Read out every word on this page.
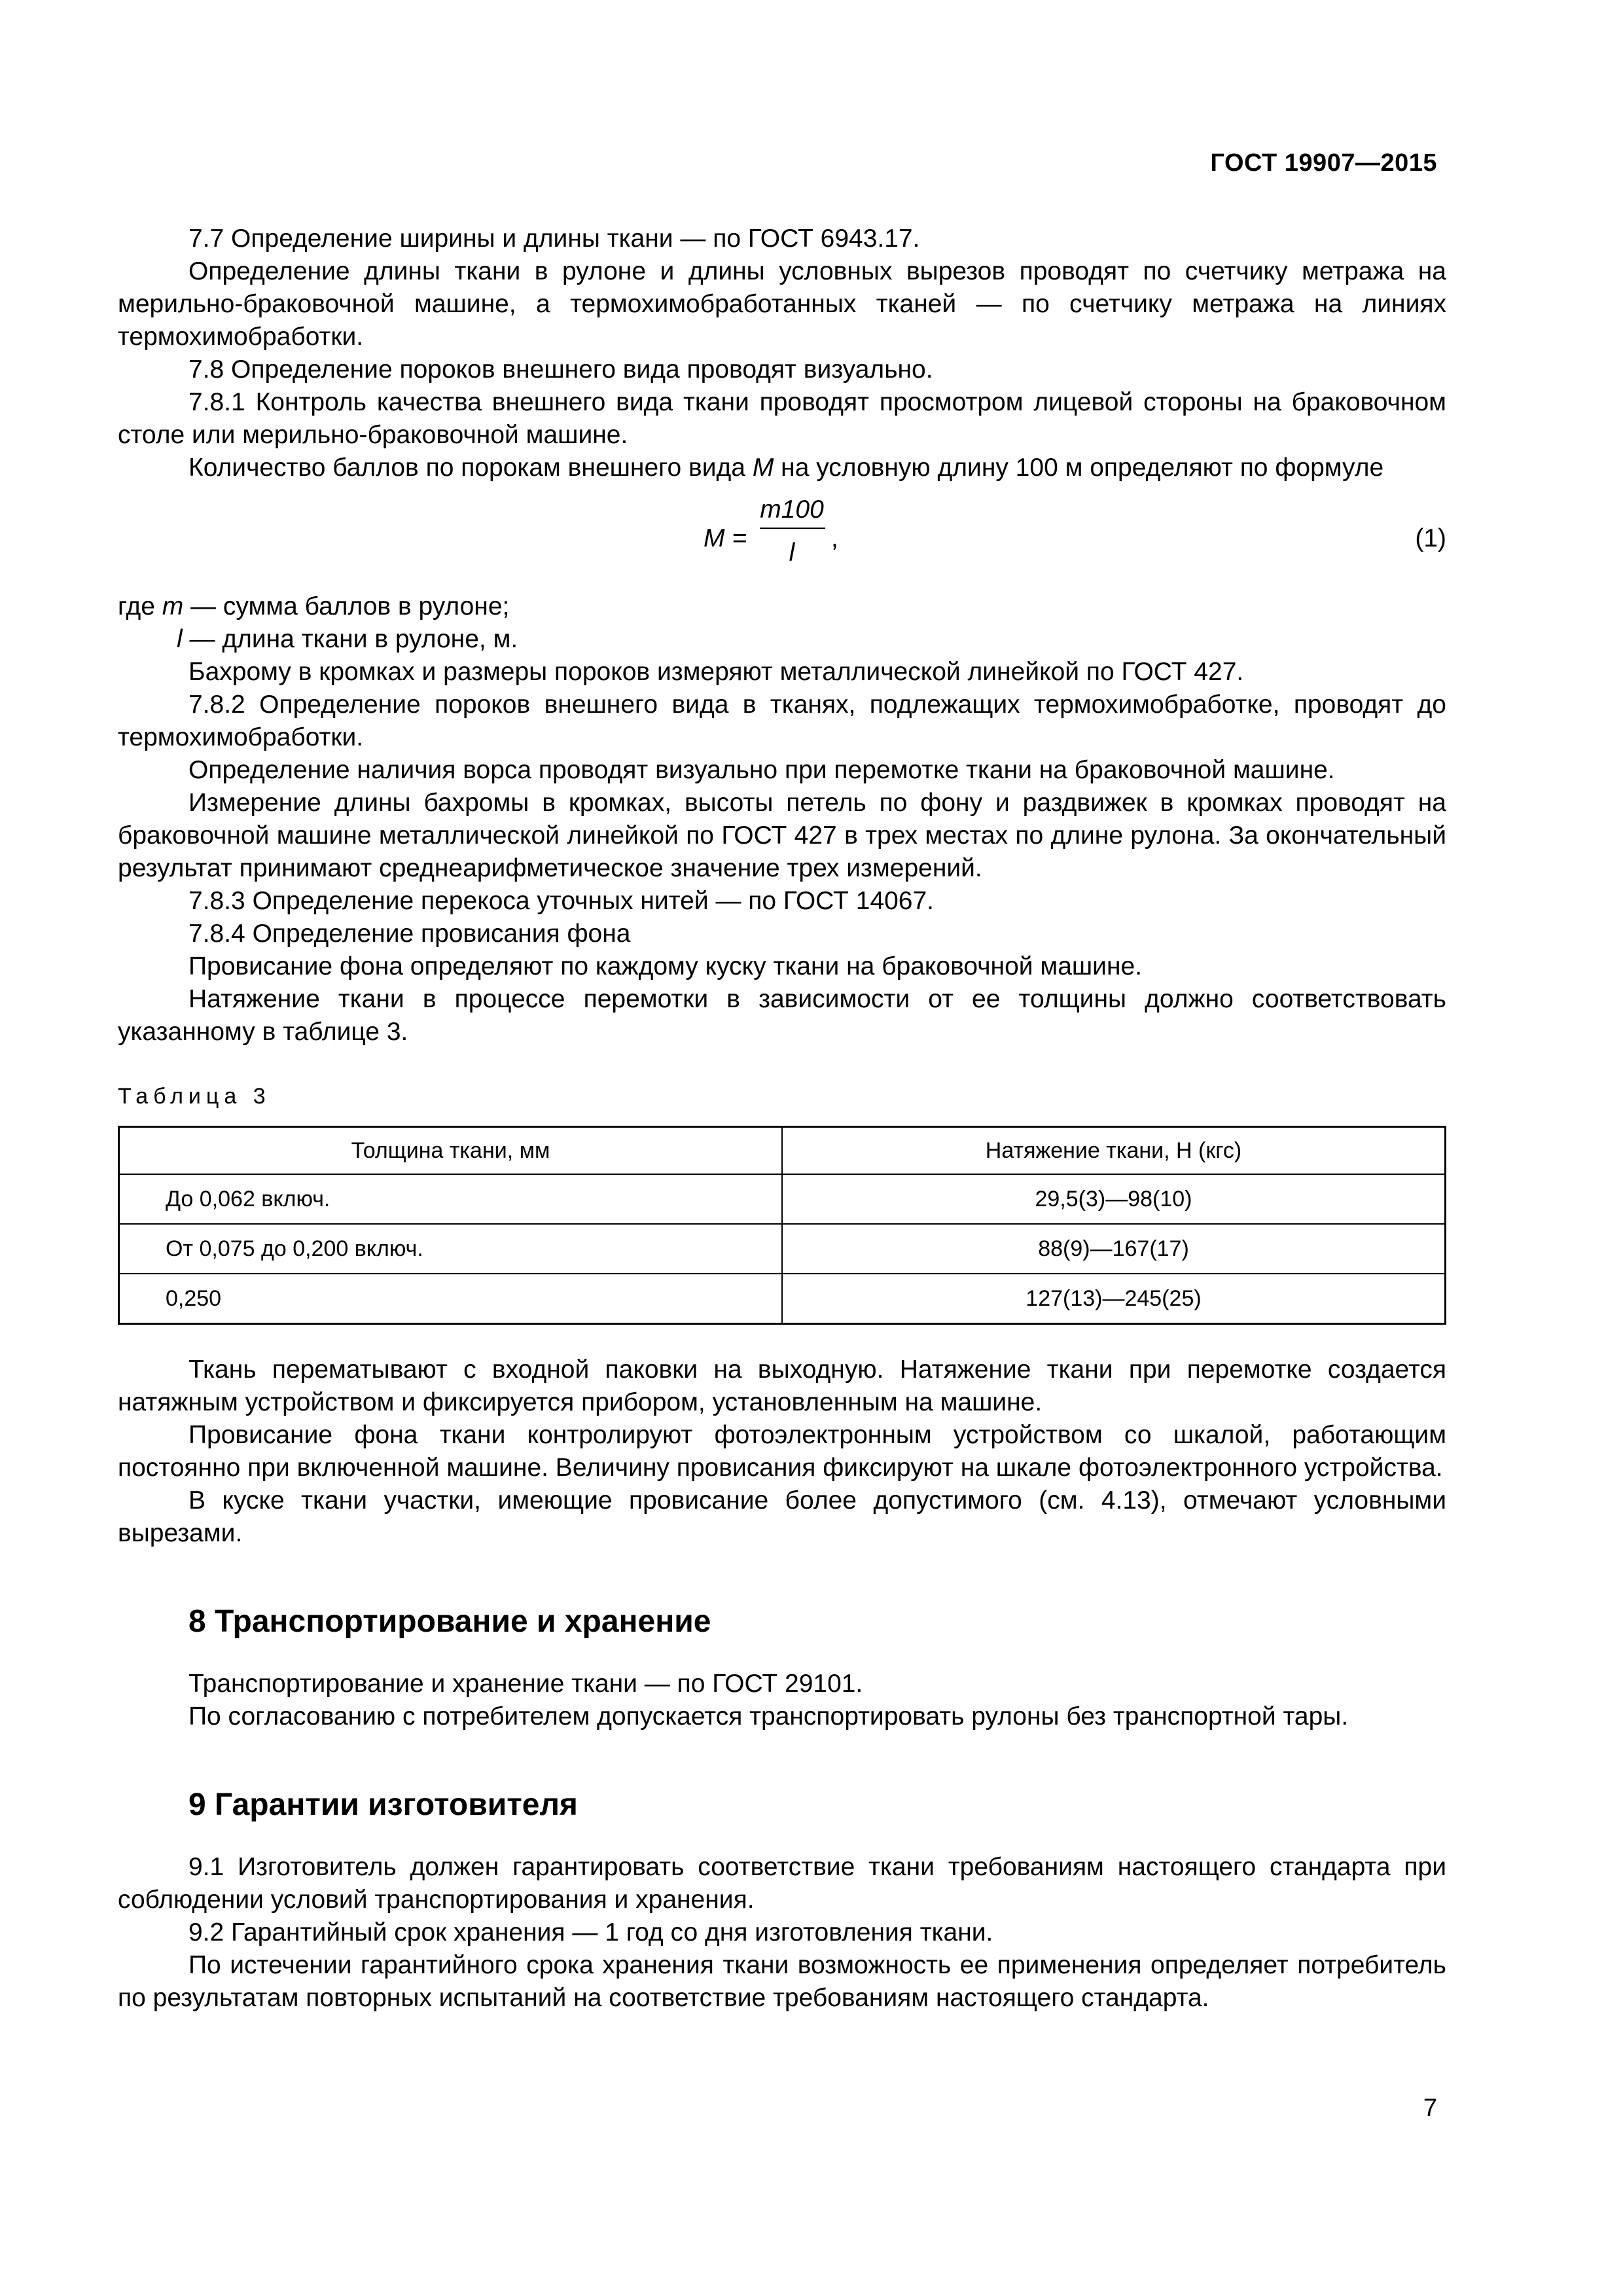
ГОСТ 19907—2015

7.7 Определение ширины и длины ткани — по ГОСТ 6943.17.

Определение длины ткани в рулоне и длины условных вырезов проводят по счетчику метража на мерильно-браковочной машине, а термохимобработанных тканей — по счетчику метража на линиях термохимобработки.

7.8 Определение пороков внешнего вида проводят визуально.

7.8.1 Контроль качества внешнего вида ткани проводят просмотром лицевой стороны на браковочном столе или мерильно-браковочной машине.

Количество баллов по порокам внешнего вида M на условную длину 100 м определяют по формуле

M =
m100
l
,	(1)
где m — сумма баллов в рулоне;
l — длина ткани в рулоне, м.

Бахрому в кромках и размеры пороков измеряют металлической линейкой по ГОСТ 427.

7.8.2 Определение пороков внешнего вида в тканях, подлежащих термохимобработке, проводят до термохимобработки.

Определение наличия ворса проводят визуально при перемотке ткани на браковочной машине.

Измерение длины бахромы в кромках, высоты петель по фону и раздвижек в кромках проводят на браковочной машине металлической линейкой по ГОСТ 427 в трех местах по длине рулона. За окончательный результат принимают среднеарифметическое значение трех измерений.

7.8.3 Определение перекоса уточных нитей — по ГОСТ 14067.

7.8.4 Определение провисания фона

Провисание фона определяют по каждому куску ткани на браковочной машине.

Натяжение ткани в процессе перемотки в зависимости от ее толщины должно соответствовать указанному в таблице 3.

Таблица 3
Толщина ткани, мм	Натяжение ткани, Н (кгс)
До 0,062 включ.	29,5(3)—98(10)
От 0,075 до 0,200 включ.	88(9)—167(17)
0,250	127(13)—245(25)

Ткань перематывают с входной паковки на выходную. Натяжение ткани при перемотке создается натяжным устройством и фиксируется прибором, установленным на машине.

Провисание фона ткани контролируют фотоэлектронным устройством со шкалой, работающим постоянно при включенной машине. Величину провисания фиксируют на шкале фотоэлектронного устройства.

В куске ткани участки, имеющие провисание более допустимого (см. 4.13), отмечают условными вырезами.

8 Транспортирование и хранение

Транспортирование и хранение ткани — по ГОСТ 29101.

По согласованию с потребителем допускается транспортировать рулоны без транспортной тары.

9 Гарантии изготовителя

9.1 Изготовитель должен гарантировать соответствие ткани требованиям настоящего стандарта при соблюдении условий транспортирования и хранения.

9.2 Гарантийный срок хранения — 1 год со дня изготовления ткани.

По истечении гарантийного срока хранения ткани возможность ее применения определяет потребитель по результатам повторных испытаний на соответствие требованиям настоящего стандарта.

7
